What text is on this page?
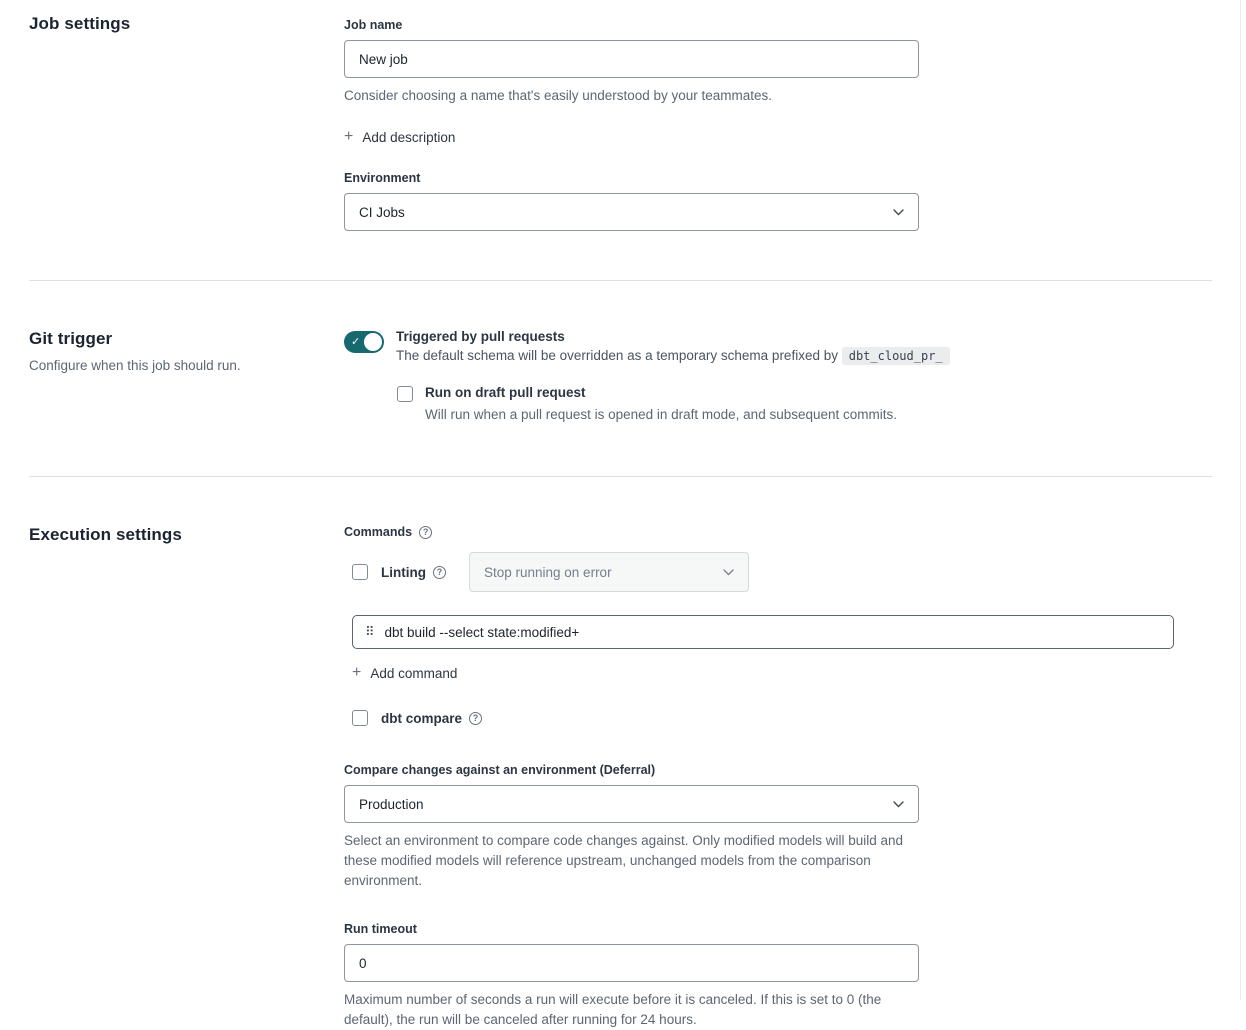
Job settings	Job name
New job
Consider choosing a name that's easily understood by your teammates.
+ Add description
Environment
CI Jobs
Git trigger
Configure when this job should run.
✓	Triggered by pull requests
The default schema will be overridden as a temporary schema prefixed by dbt_cloud_pr_
Run on draft pull request
Will run when a pull request is opened in draft mode, and subsequent commits.
Execution settings	Commands	?
Linting	?	Stop running on error
⠿ dbt build --select state:modified+
+ Add command
dbt compare	?
Compare changes against an environment (Deferral)
Production
Select an environment to compare code changes against. Only modified models will build and these modified models will reference upstream, unchanged models from the comparison environment.
Run timeout
0
Maximum number of seconds a run will execute before it is canceled. If this is set to 0 (the default), the run will be canceled after running for 24 hours.
